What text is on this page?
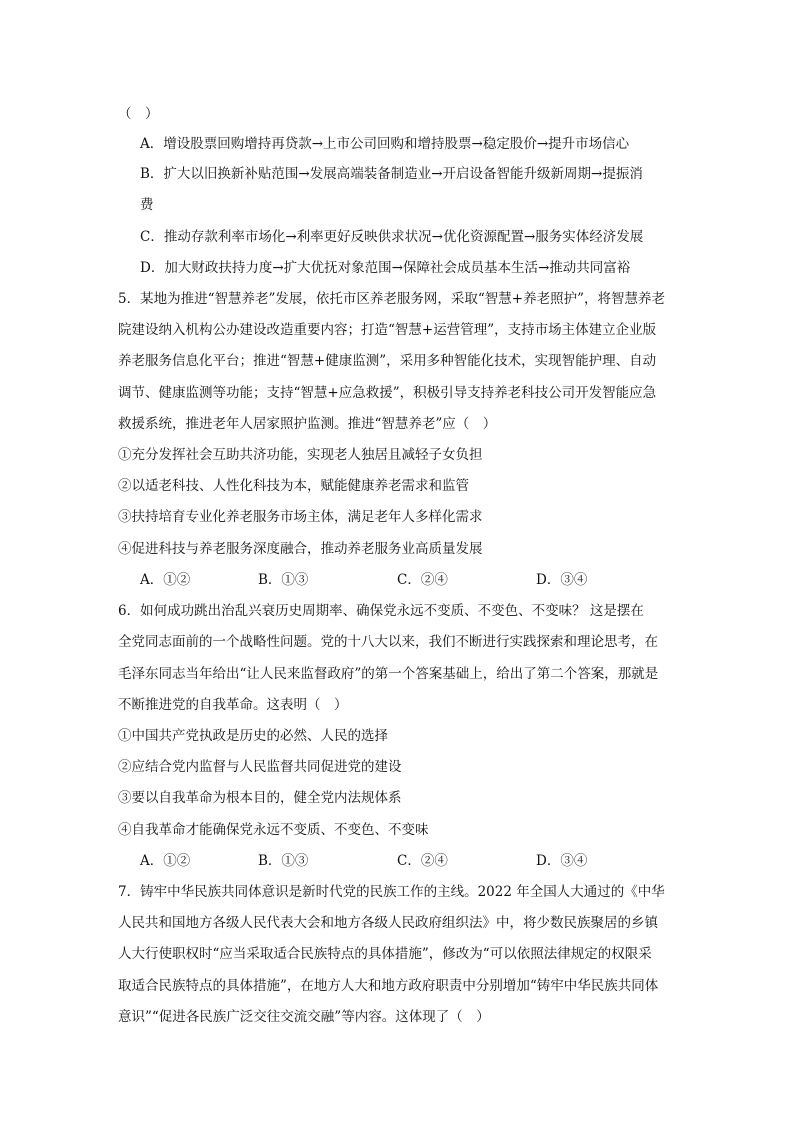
（　）
A．增设股票回购增持再贷款→上市公司回购和增持股票→稳定股价→提升市场信心
B．扩大以旧换新补贴范围→发展高端装备制造业→开启设备智能升级新周期→提振消
费
C．推动存款利率市场化→利率更好反映供求状况→优化资源配置→服务实体经济发展
D．加大财政扶持力度→扩大优抚对象范围→保障社会成员基本生活→推动共同富裕
5．某地为推进“智慧养老”发展，依托市区养老服务网，采取“智慧+养老照护”，将智慧养老
院建设纳入机构公办建设改造重要内容；打造“智慧+运营管理”，支持市场主体建立企业版
养老服务信息化平台；推进“智慧+健康监测”，采用多种智能化技术，实现智能护理、自动
调节、健康监测等功能；支持“智慧+应急救援”，积极引导支持养老科技公司开发智能应急
救援系统，推进老年人居家照护监测。推进“智慧养老”应（　）
①充分发挥社会互助共济功能，实现老人独居且减轻子女负担
②以适老科技、人性化科技为本，赋能健康养老需求和监管
③扶持培育专业化养老服务市场主体，满足老年人多样化需求
④促进科技与养老服务深度融合，推动养老服务业高质量发展
A．①②	B．①③	C．②④	D．③④
6．如何成功跳出治乱兴衰历史周期率、确保党永远不变质、不变色、不变味？ 这是摆在
全党同志面前的一个战略性问题。党的十八大以来，我们不断进行实践探索和理论思考，在
毛泽东同志当年给出“让人民来监督政府”的第一个答案基础上，给出了第二个答案，那就是
不断推进党的自我革命。这表明（　）
①中国共产党执政是历史的必然、人民的选择
②应结合党内监督与人民监督共同促进党的建设
③要以自我革命为根本目的，健全党内法规体系
④自我革命才能确保党永远不变质、不变色、不变味
A．①②	B．①③	C．②④	D．③④
7．铸牢中华民族共同体意识是新时代党的民族工作的主线。2022 年全国人大通过的《中华
人民共和国地方各级人民代表大会和地方各级人民政府组织法》中，将少数民族聚居的乡镇
人大行使职权时“应当采取适合民族特点的具体措施”，修改为“可以依照法律规定的权限采
取适合民族特点的具体措施”，在地方人大和地方政府职责中分别增加“铸牢中华民族共同体
意识”“促进各民族广泛交往交流交融”等内容。这体现了（　）
